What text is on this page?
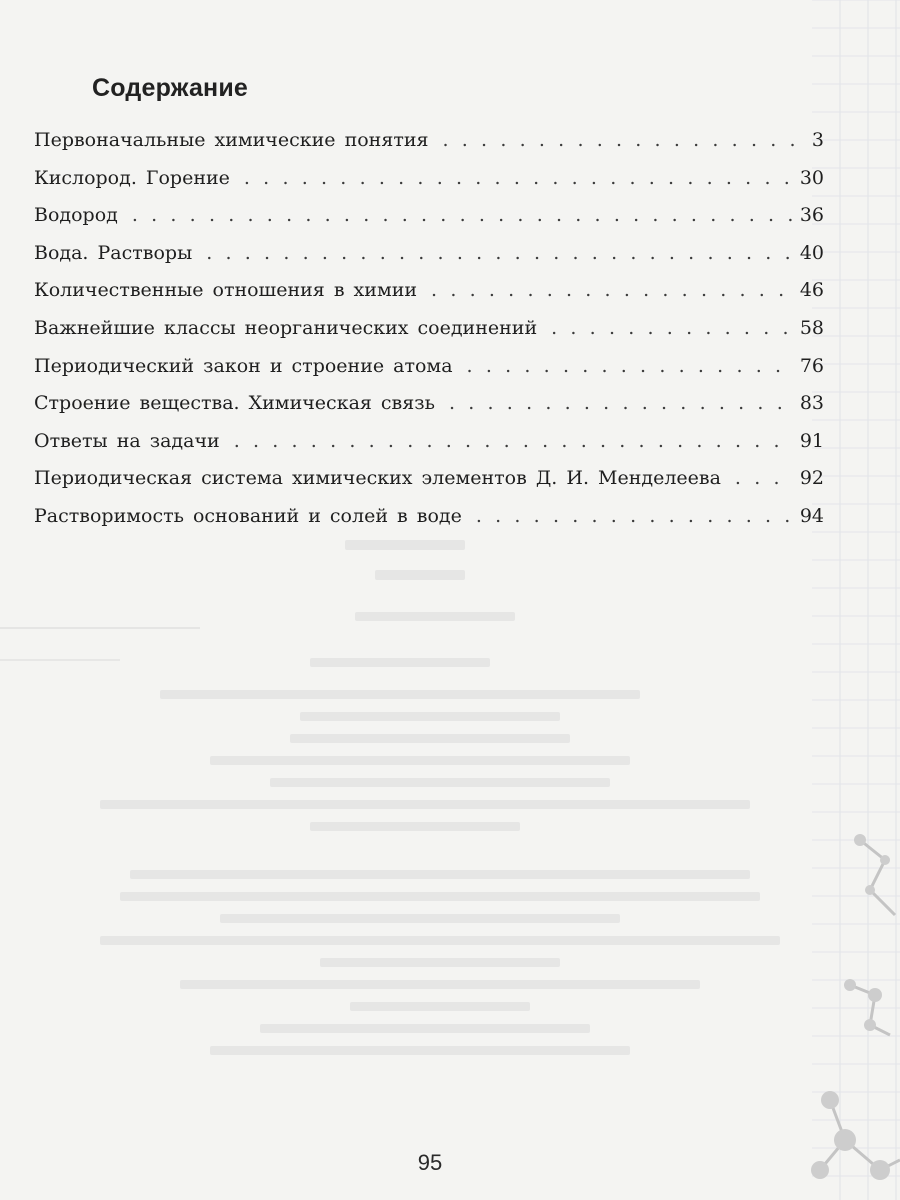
Содержание
Первоначальные химические понятия . . .	3
Кислород. Горение . . .	30
Водород . . .	36
Вода. Растворы . . .	40
Количественные отношения в химии . . .	46
Важнейшие классы неорганических соединений . . .	58
Периодический закон и строение атома . . .	76
Строение вещества. Химическая связь . . .	83
Ответы на задачи . . .	91
Периодическая система химических элементов Д. И. Менделеева . . .	92
Растворимость оснований и солей в воде . . .	94
95
